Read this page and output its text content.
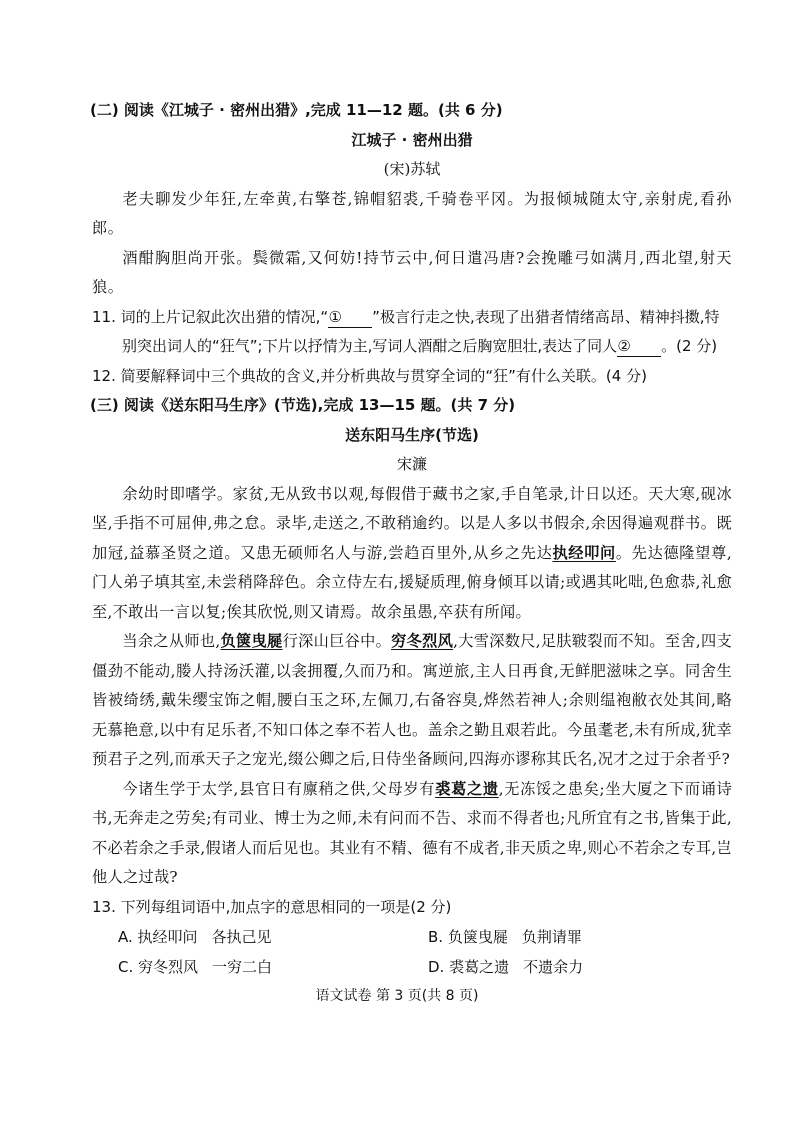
(二) 阅读《江城子 · 密州出猎》,完成 11—12 题。(共 6 分)
江城子 · 密州出猎
(宋)苏轼
老夫聊发少年狂,左牵黄,右擎苍,锦帽貂裘,千骑卷平冈。为报倾城随太守,亲射虎,看孙郎。
酒酣胸胆尚开张。鬓微霜,又何妨!持节云中,何日遣冯唐?会挽雕弓如满月,西北望,射天狼。
11. 词的上片记叙此次出猎的情况,“① ”极言行走之快,表现了出猎者情绪高昂、精神抖擞,特别突出词人的“狂气”;下片以抒情为主,写词人酒酣之后胸宽胆壮,表达了同人② 。(2 分)
12. 简要解释词中三个典故的含义,并分析典故与贯穿全词的“狂”有什么关联。(4 分)
(三) 阅读《送东阳马生序》(节选),完成 13—15 题。(共 7 分)
送东阳马生序(节选)
宋濂
余幼时即嗜学。家贫,无从致书以观,每假借于藏书之家,手自笔录,计日以还。天大寒,砚冰坚,手指不可屈伸,弗之怠。录毕,走送之,不敢稍逾约。以是人多以书假余,余因得遍观群书。既加冠,益慕圣贤之道。又患无硕师名人与游,尝趋百里外,从乡之先达执经叩问。先达德隆望尊,门人弟子填其室,未尝稍降辞色。余立侍左右,援疑质理,俯身倾耳以请;或遇其叱咄,色愈恭,礼愈至,不敢出一言以复;俟其欣悦,则又请焉。故余虽愚,卒获有所闻。
当余之从师也,负箧曳屣行深山巨谷中。穷冬烈风,大雪深数尺,足肤皲裂而不知。至舍,四支僵劲不能动,媵人持汤沃灌,以衾拥覆,久而乃和。寓逆旅,主人日再食,无鲜肥滋味之享。同舍生皆被绮绣,戴朱缨宝饰之帽,腰白玉之环,左佩刀,右备容臭,烨然若神人;余则缊袍敝衣处其间,略无慕艳意,以中有足乐者,不知口体之奉不若人也。盖余之勤且艰若此。今虽耄老,未有所成,犹幸预君子之列,而承天子之宠光,缀公卿之后,日侍坐备顾问,四海亦谬称其氏名,况才之过于余者乎?
今诸生学于太学,县官日有廪稍之供,父母岁有裘葛之遗,无冻馁之患矣;坐大厦之下而诵诗书,无奔走之劳矣;有司业、博士为之师,未有问而不告、求而不得者也;凡所宜有之书,皆集于此,不必若余之手录,假诸人而后见也。其业有不精、德有不成者,非天质之卑,则心不若余之专耳,岂他人之过哉?
13. 下列每组词语中,加点字的意思相同的一项是(2 分)
A. 执经叩问 各执己见	B. 负箧曳屣 负荆请罪
C. 穷冬烈风 一穷二白	D. 裘葛之遗 不遗余力
语文试卷 第 3 页(共 8 页)
